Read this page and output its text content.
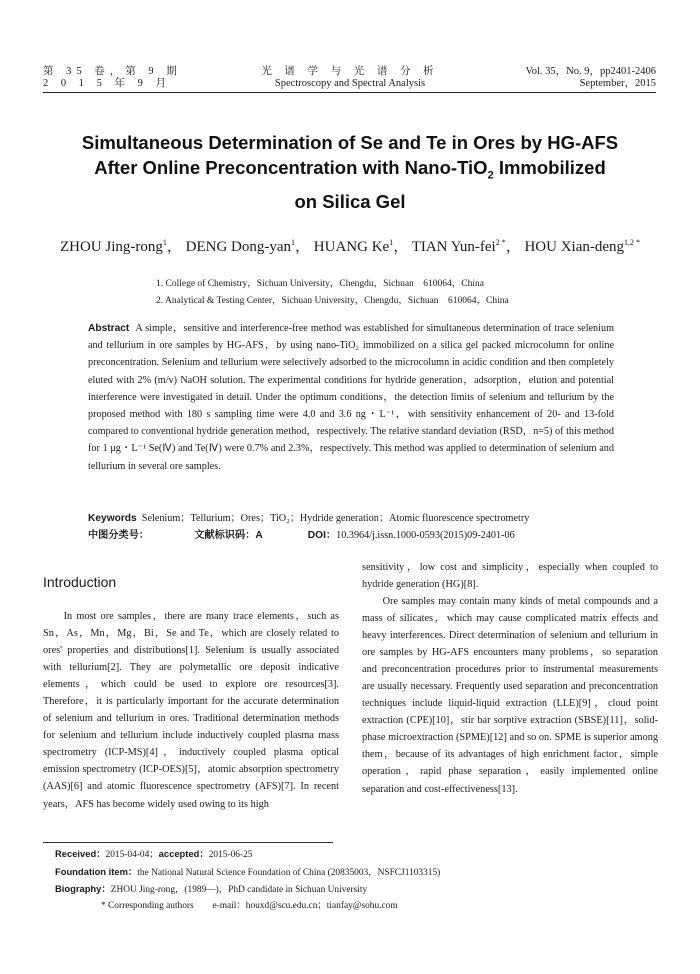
第 35 卷，第 9 期
2 0 1 5 年 9 月
光 谱 学 与 光 谱 分 析
Spectroscopy and Spectral Analysis
Vol. 35，No. 9，pp2401-2406
September，2015
Simultaneous Determination of Se and Te in Ores by HG-AFS
After Online Preconcentration with Nano-TiO$_2$ Immobilized
on Silica Gel
ZHOU Jing-rong$^1$， DENG Dong-yan$^1$， HUANG Ke$^1$， TIAN Yun-fei$^{2 *}$， HOU Xian-deng$^{1,2 *}$
1. College of Chemistry，Sichuan University，Chengdu，Sichuan　610064，China
2. Analytical & Testing Center，Sichuan University，Chengdu，Sichuan　610064，China
Abstract A simple，sensitive and interference-free method was established for simultaneous determination of trace selenium and tellurium in ore samples by HG-AFS，by using nano-TiO₂ immobilized on a silica gel packed microcolumn for online preconcentration. Selenium and tellurium were selectively adsorbed to the microcolumn in acidic condition and then completely eluted with 2% (m/v) NaOH solution. The experimental conditions for hydride generation，adsorption，elution and potential interference were investigated in detail. Under the optimum conditions，the detection limits of selenium and tellurium by the proposed method with 180 s sampling time were 4.0 and 3.6 ng・L⁻¹，with sensitivity enhancement of 20- and 13-fold compared to conventional hydride generation method，respectively. The relative standard deviation (RSD，n=5) of this method for 1 μg・L⁻¹ Se(Ⅳ) and Te(Ⅳ) were 0.7% and 2.3%，respectively. This method was applied to determination of selenium and tellurium in several ore samples.
Keywords Selenium；Tellurium；Ores；TiO₂；Hydride generation；Atomic fluorescence spectrometry
中图分类号：	文献标识码：A	DOI：10.3964/j.issn.1000-0593(2015)09-2401-06
Introduction
In most ore samples，there are many trace elements，such as Sn，As，Mn，Mg，Bi，Se and Te，which are closely related to ores' properties and distributions[1]. Selenium is usually associated with tellurium[2]. They are polymetallic ore deposit indicative elements，which could be used to explore ore resources[3]. Therefore，it is particularly important for the accurate determination of selenium and tellurium in ores. Traditional determination methods for selenium and tellurium include inductively coupled plasma mass spectrometry (ICP-MS)[4]，inductively coupled plasma optical emission spectrometry (ICP-OES)[5]，atomic absorption spectrometry (AAS)[6] and atomic fluorescence spectrometry (AFS)[7]. In recent years，AFS has become widely used owing to its high
sensitivity，low cost and simplicity，especially when coupled to hydride generation (HG)[8].
Ore samples may contain many kinds of metal compounds and a mass of silicates，which may cause complicated matrix effects and heavy interferences. Direct determination of selenium and tellurium in ore samples by HG-AFS encounters many problems，so separation and preconcentration procedures prior to instrumental measurements are usually necessary. Frequently used separation and preconcentration techniques include liquid-liquid extraction (LLE)[9]，cloud point extraction (CPE)[10]，stir bar sorptive extraction (SBSE)[11]，solid-phase microextraction (SPME)[12] and so on. SPME is superior among them，because of its advantages of high enrichment factor，simple operation，rapid phase separation，easily implemented online separation and cost-effectiveness[13].
Received：2015-04-04；accepted：2015-06-25
Foundation item：the National Natural Science Foundation of China (20835003，NSFCJ1103315)
Biography：ZHOU Jing-rong，(1989—)，PhD candidate in Sichuan University
* Corresponding authors　　e-mail：houxd@scu.edu.cn；tianfay@sohu.com
